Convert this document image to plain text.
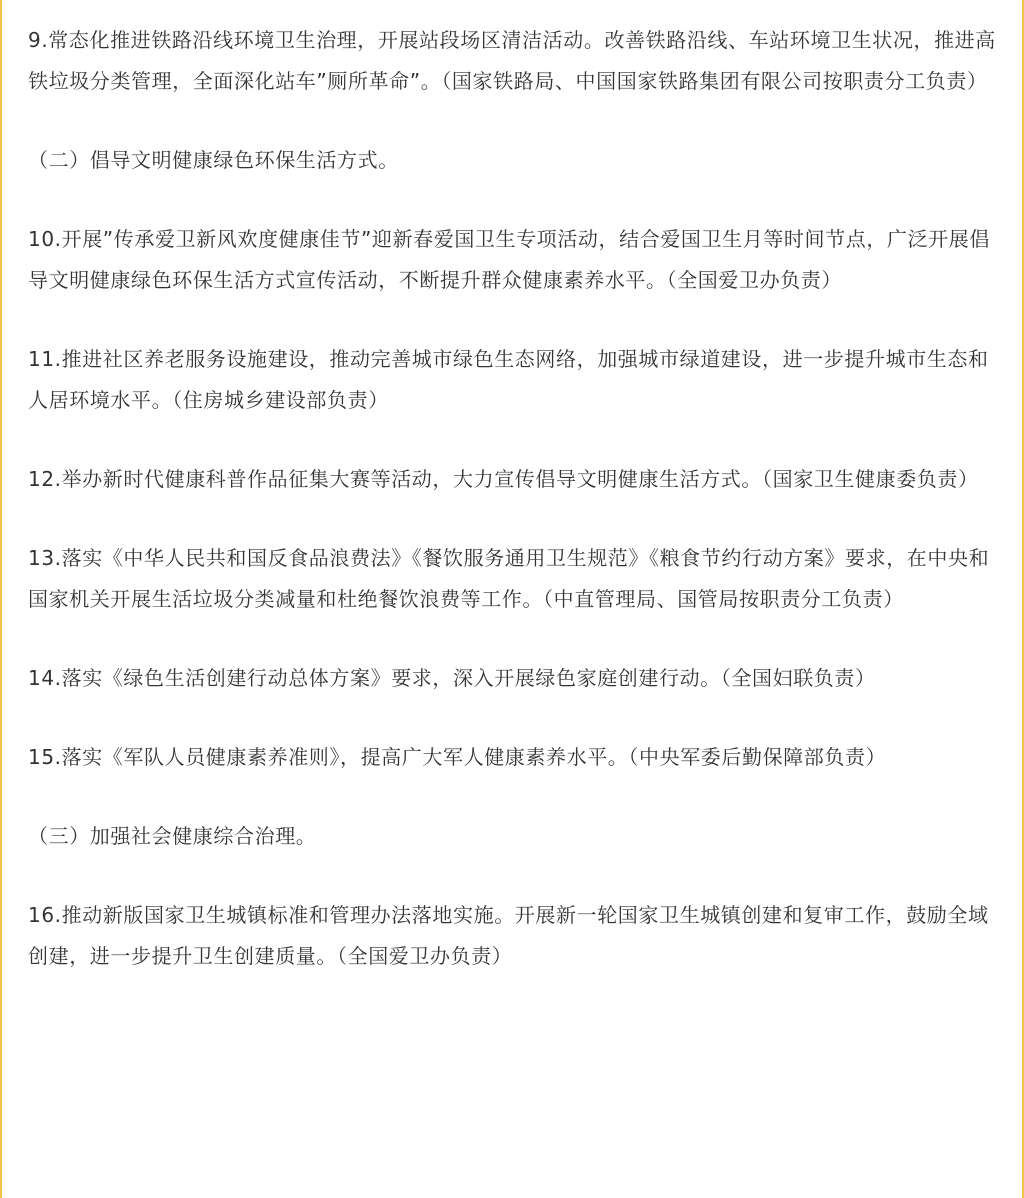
9.常态化推进铁路沿线环境卫生治理，开展站段场区清洁活动。改善铁路沿线、车站环境卫生状况，推进高铁垃圾分类管理，全面深化站车”厕所革命”。（国家铁路局、中国国家铁路集团有限公司按职责分工负责）

（二）倡导文明健康绿色环保生活方式。

10.开展”传承爱卫新风欢度健康佳节”迎新春爱国卫生专项活动，结合爱国卫生月等时间节点，广泛开展倡导文明健康绿色环保生活方式宣传活动，不断提升群众健康素养水平。（全国爱卫办负责）

11.推进社区养老服务设施建设，推动完善城市绿色生态网络，加强城市绿道建设，进一步提升城市生态和人居环境水平。（住房城乡建设部负责）

12.举办新时代健康科普作品征集大赛等活动，大力宣传倡导文明健康生活方式。（国家卫生健康委负责）

13.落实《中华人民共和国反食品浪费法》《餐饮服务通用卫生规范》《粮食节约行动方案》要求，在中央和国家机关开展生活垃圾分类减量和杜绝餐饮浪费等工作。（中直管理局、国管局按职责分工负责）

14.落实《绿色生活创建行动总体方案》要求，深入开展绿色家庭创建行动。（全国妇联负责）

15.落实《军队人员健康素养准则》，提高广大军人健康素养水平。（中央军委后勤保障部负责）

（三）加强社会健康综合治理。

16.推动新版国家卫生城镇标准和管理办法落地实施。开展新一轮国家卫生城镇创建和复审工作，鼓励全域创建，进一步提升卫生创建质量。（全国爱卫办负责）
